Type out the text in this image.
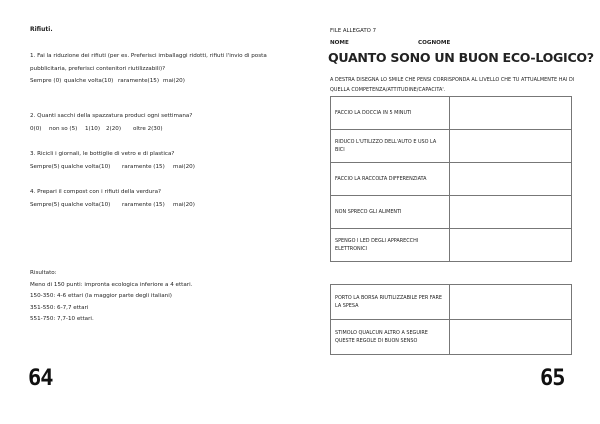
Rifiuti.
1. Fai la riduzione dei rifiuti (per es. Preferisci imballaggi ridotti, rifiuti l'invio di posta
pubblicitaria, preferisci contenitori riutilizzabili)?
Sempre (0) qualche volta(10) raramente(15) mai(20)
2. Quanti sacchi della spazzatura produci ogni settimana?
0(0) non so (5) 1(10) 2(20) oltre 2(30)
3. Ricicli i giornali, le bottiglie di vetro e di plastica?
Sempre(5) qualche volta(10) raramente (15) mai(20)
4. Prepari il compost con i rifiuti della verdura?
Sempre(5) qualche volta(10) raramente (15) mai(20)
Risultato:
Meno di 150 punti: impronta ecologica inferiore a 4 ettari.
150-350: 4-6 ettari (la maggior parte degli italiani)
351-550: 6-7,7 ettari
551-750: 7,7-10 ettari.
64
FILE ALLEGATO 7
NOME	COGNOME
QUANTO SONO UN BUON ECO-LOGICO?
A DESTRA DISEGNA LO SMILE CHE PENSI CORRISPONDA AL LIVELLO CHE TU ATTUALMENTE HAI DI QUELLA COMPETENZA/ATTITUDINE/CAPACITA'.
FACCIO LA DOCCIA IN 5 MINUTI	
RIDUCO L'UTILIZZO DELL'AUTO E USO LA BICI	
FACCIO LA RACCOLTA DIFFERENZIATA	
NON SPRECO GLI ALIMENTI	
SPENGO I LED DEGLI APPARECCHI ELETTRONICI	
PORTO LA BORSA RIUTILIZZABILE PER FARE LA SPESA	
STIMOLO QUALCUN ALTRO A SEGUIRE QUESTE REGOLE DI BUON SENSO	
65
